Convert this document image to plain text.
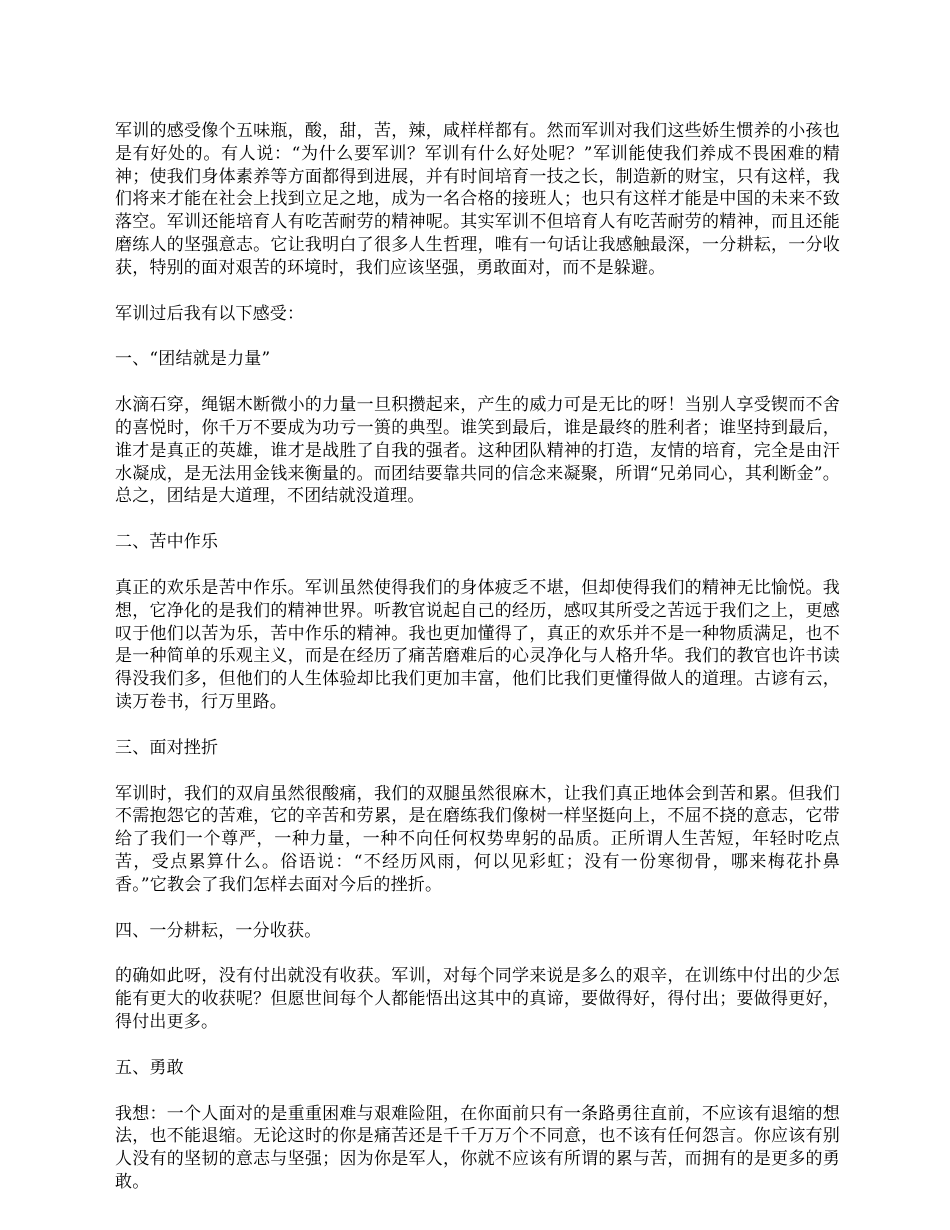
军训的感受像个五味瓶，酸，甜，苦，辣，咸样样都有。然而军训对我们这些娇生惯养的小孩也是有好处的。有人说：“为什么要军训？军训有什么好处呢？”军训能使我们养成不畏困难的精神；使我们身体素养等方面都得到进展，并有时间培育一技之长，制造新的财宝，只有这样，我们将来才能在社会上找到立足之地，成为一名合格的接班人；也只有这样才能是中国的未来不致落空。军训还能培育人有吃苦耐劳的精神呢。其实军训不但培育人有吃苦耐劳的精神，而且还能磨练人的坚强意志。它让我明白了很多人生哲理，唯有一句话让我感触最深，一分耕耘，一分收获，特别的面对艰苦的环境时，我们应该坚强，勇敢面对，而不是躲避。

军训过后我有以下感受：

一、“团结就是力量”

水滴石穿，绳锯木断微小的力量一旦积攒起来，产生的威力可是无比的呀！当别人享受锲而不舍的喜悦时，你千万不要成为功亏一篑的典型。谁笑到最后，谁是最终的胜利者；谁坚持到最后，谁才是真正的英雄，谁才是战胜了自我的强者。这种团队精神的打造，友情的培育，完全是由汗水凝成，是无法用金钱来衡量的。而团结要靠共同的信念来凝聚，所谓“兄弟同心，其利断金”。总之，团结是大道理，不团结就没道理。

二、苦中作乐

真正的欢乐是苦中作乐。军训虽然使得我们的身体疲乏不堪，但却使得我们的精神无比愉悦。我想，它净化的是我们的精神世界。听教官说起自己的经历，感叹其所受之苦远于我们之上，更感叹于他们以苦为乐，苦中作乐的精神。我也更加懂得了，真正的欢乐并不是一种物质满足，也不是一种简单的乐观主义，而是在经历了痛苦磨难后的心灵净化与人格升华。我们的教官也许书读得没我们多，但他们的人生体验却比我们更加丰富，他们比我们更懂得做人的道理。古谚有云，读万卷书，行万里路。

三、面对挫折

军训时，我们的双肩虽然很酸痛，我们的双腿虽然很麻木，让我们真正地体会到苦和累。但我们不需抱怨它的苦难，它的辛苦和劳累，是在磨练我们像树一样坚挺向上，不屈不挠的意志，它带给了我们一个尊严，一种力量，一种不向任何权势卑躬的品质。正所谓人生苦短，年轻时吃点苦，受点累算什么。俗语说：“不经历风雨，何以见彩虹；没有一份寒彻骨，哪来梅花扑鼻香。”它教会了我们怎样去面对今后的挫折。

四、一分耕耘，一分收获。

的确如此呀，没有付出就没有收获。军训，对每个同学来说是多么的艰辛，在训练中付出的少怎能有更大的收获呢？但愿世间每个人都能悟出这其中的真谛，要做得好，得付出；要做得更好，得付出更多。

五、勇敢

我想：一个人面对的是重重困难与艰难险阻，在你面前只有一条路勇往直前，不应该有退缩的想法，也不能退缩。无论这时的你是痛苦还是千千万万个不同意，也不该有任何怨言。你应该有别人没有的坚韧的意志与坚强；因为你是军人，你就不应该有所谓的累与苦，而拥有的是更多的勇敢。
